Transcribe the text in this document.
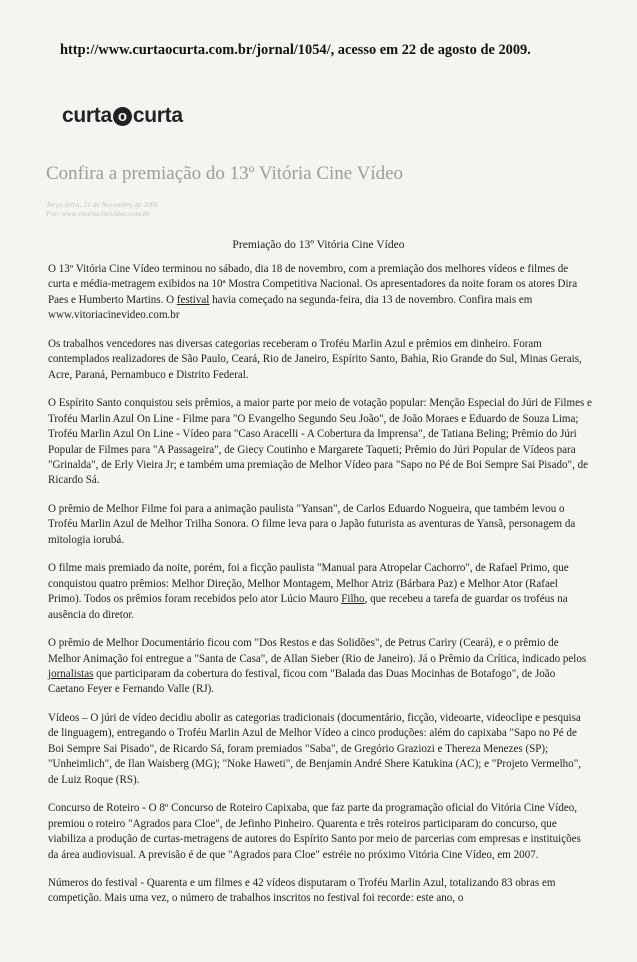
http://www.curtaocurta.com.br/jornal/1054/, acesso em 22 de agosto de 2009.
curta o curta
Confira a premiação do 13º Vitória Cine Vídeo
Terça-feira, 21 de Novembro de 2006
Por: www.vitoriacinevideo.com.br
Premiação do 13º Vitória Cine Vídeo

O 13º Vitória Cine Vídeo terminou no sábado, dia 18 de novembro, com a premiação dos melhores vídeos e filmes de curta e média-metragem exibidos na 10ª Mostra Competitiva Nacional. Os apresentadores da noite foram os atores Dira Paes e Humberto Martins. O festival havia começado na segunda-feira, dia 13 de novembro. Confira mais em www.vitoriacinevideo.com.br

Os trabalhos vencedores nas diversas categorias receberam o Troféu Marlin Azul e prêmios em dinheiro. Foram contemplados realizadores de São Paulo, Ceará, Rio de Janeiro, Espírito Santo, Bahia, Rio Grande do Sul, Minas Gerais, Acre, Paraná, Pernambuco e Distrito Federal.

O Espírito Santo conquistou seis prêmios, a maior parte por meio de votação popular: Menção Especial do Júri de Filmes e Troféu Marlin Azul On Line - Filme para "O Evangelho Segundo Seu João", de João Moraes e Eduardo de Souza Lima; Troféu Marlin Azul On Line - Vídeo para "Caso Aracelli - A Cobertura da Imprensa", de Tatiana Beling; Prêmio do Júri Popular de Filmes para "A Passageira", de Giecy Coutinho e Margarete Taqueti; Prêmio do Júri Popular de Vídeos para "Grinalda", de Erly Vieira Jr; e também uma premiação de Melhor Vídeo para "Sapo no Pé de Boi Sempre Sai Pisado", de Ricardo Sá.

O prêmio de Melhor Filme foi para a animação paulista "Yansan", de Carlos Eduardo Nogueira, que também levou o Troféu Marlin Azul de Melhor Trilha Sonora. O filme leva para o Japão futurista as aventuras de Yansã, personagem da mitologia iorubá.

O filme mais premiado da noite, porém, foi a ficção paulista "Manual para Atropelar Cachorro", de Rafael Primo, que conquistou quatro prêmios: Melhor Direção, Melhor Montagem, Melhor Atriz (Bárbara Paz) e Melhor Ator (Rafael Primo). Todos os prêmios foram recebidos pelo ator Lúcio Mauro Filho, que recebeu a tarefa de guardar os troféus na ausência do diretor.

O prêmio de Melhor Documentário ficou com "Dos Restos e das Solidões", de Petrus Cariry (Ceará), e o prêmio de Melhor Animação foi entregue a "Santa de Casa", de Allan Sieber (Rio de Janeiro). Já o Prêmio da Crítica, indicado pelos jornalistas que participaram da cobertura do festival, ficou com "Balada das Duas Mocinhas de Botafogo", de João Caetano Feyer e Fernando Valle (RJ).

Vídeos – O júri de vídeo decidiu abolir as categorias tradicionais (documentário, ficção, videoarte, videoclipe e pesquisa de linguagem), entregando o Troféu Marlin Azul de Melhor Vídeo a cinco produções: além do capixaba "Sapo no Pé de Boi Sempre Sai Pisado", de Ricardo Sá, foram premiados "Saba", de Gregório Graziozi e Thereza Menezes (SP); "Unheimlich", de Ilan Waisberg (MG); "Noke Haweti", de Benjamin André Shere Katukina (AC); e "Projeto Vermelho", de Luiz Roque (RS).

Concurso de Roteiro - O 8º Concurso de Roteiro Capixaba, que faz parte da programação oficial do Vitória Cine Vídeo, premiou o roteiro "Agrados para Cloe", de Jefinho Pinheiro. Quarenta e três roteiros participaram do concurso, que viabiliza a produção de curtas-metragens de autores do Espírito Santo por meio de parcerias com empresas e instituições da área audiovisual. A previsão é de que "Agrados para Cloe" estréie no próximo Vitória Cine Vídeo, em 2007.

Números do festival - Quarenta e um filmes e 42 vídeos disputaram o Troféu Marlin Azul, totalizando 83 obras em competição. Mais uma vez, o número de trabalhos inscritos no festival foi recorde: este ano, o
